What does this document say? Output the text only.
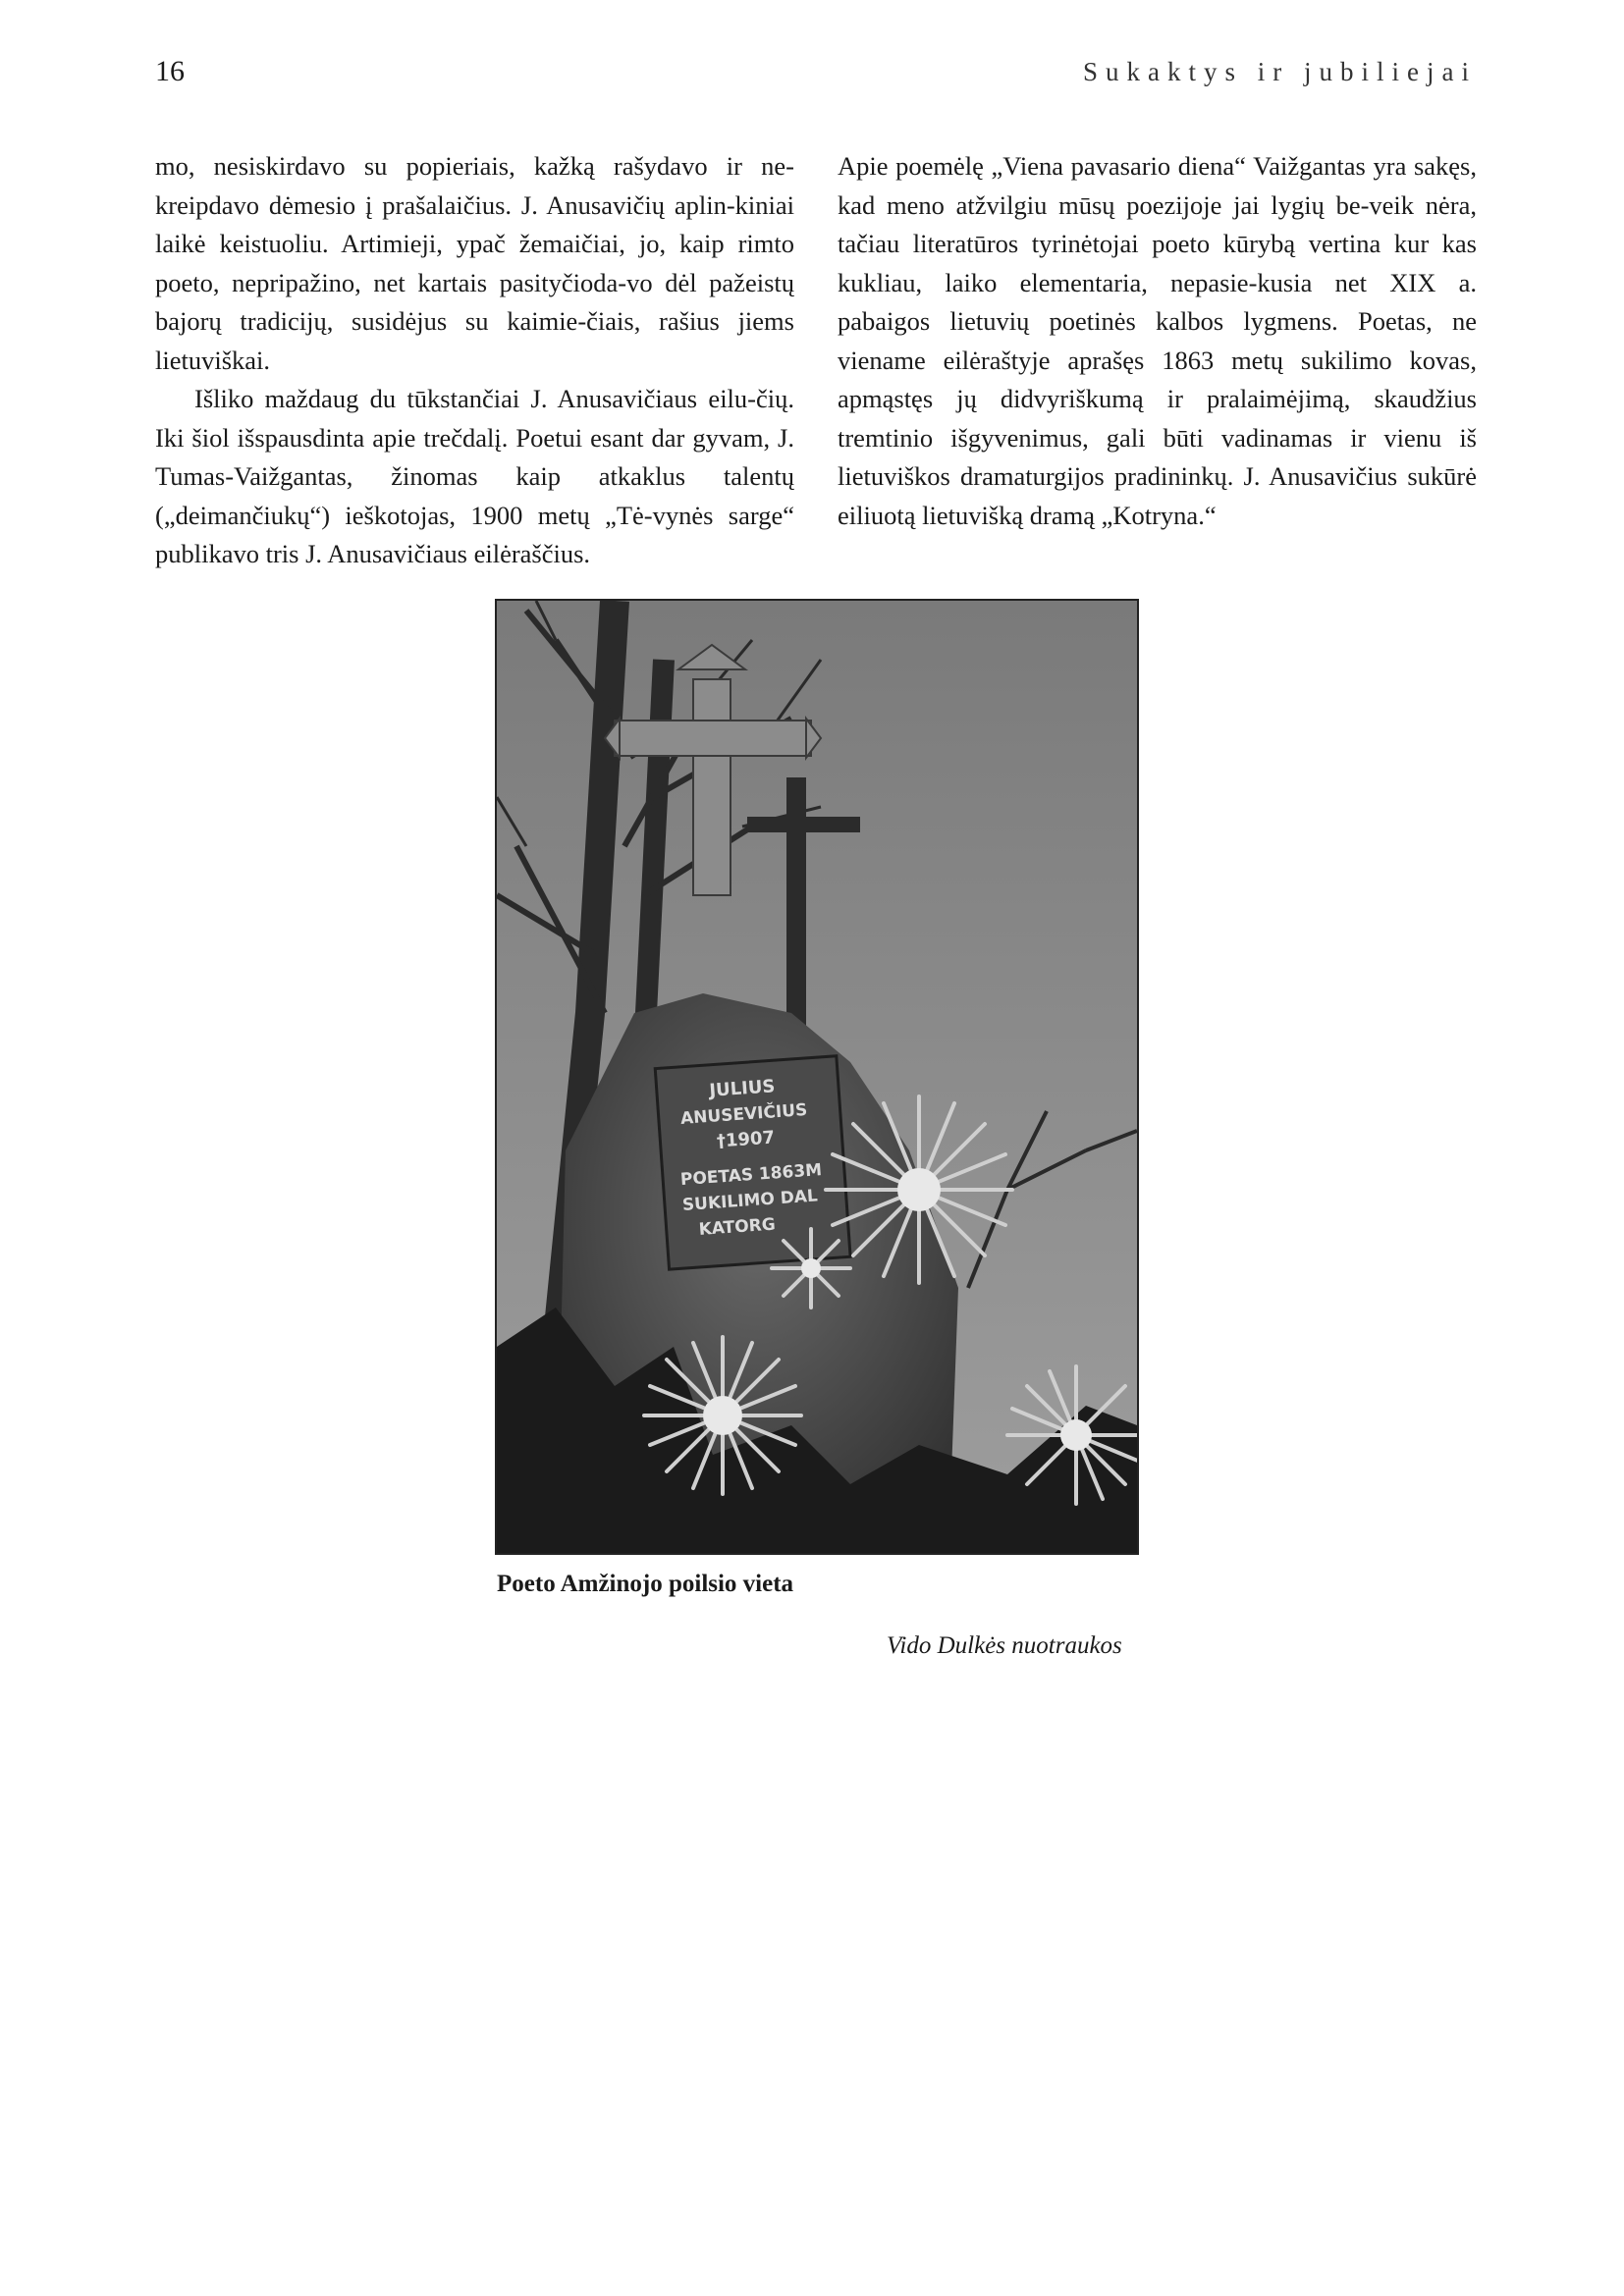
16	Sukaktys ir jubiliejai

mo, nesiskirdavo su popieriais, kažką rašydavo ir ne-kreipdavo dėmesio į prašalaičius. J. Anusavičių aplin-kiniai laikė keistuoliu. Artimieji, ypač žemaičiai, jo, kaip rimto poeto, nepripažino, net kartais pasityčioda-vo dėl pažeistų bajorų tradicijų, susidėjus su kaimie-čiais, rašius jiems lietuviškai.

Išliko maždaug du tūkstančiai J. Anusavičiaus eilu-čių. Iki šiol išspausdinta apie trečdalį. Poetui esant dar gyvam, J. Tumas-Vaižgantas, žinomas kaip atkaklus talentų („deimančiukų“) ieškotojas, 1900 metų „Tė-vynės sarge“ publikavo tris J. Anusavičiaus eilėraščius.

Apie poemėlę „Viena pavasario diena“ Vaižgantas yra sakęs, kad meno atžvilgiu mūsų poezijoje jai lygių be-veik nėra, tačiau literatūros tyrinėtojai poeto kūrybą vertina kur kas kukliau, laiko elementaria, nepasie-kusia net XIX a. pabaigos lietuvių poetinės kalbos lygmens. Poetas, ne viename eilėraštyje aprašęs 1863 metų sukilimo kovas, apmąstęs jų didvyriškumą ir pralaimėjimą, skaudžius tremtinio išgyvenimus, gali būti vadinamas ir vienu iš lietuviškos dramaturgijos pradininkų. J. Anusavičius sukūrė eiliuotą lietuvišką dramą „Kotryna.“

JULIUS
ANUSEVIČIUS
†1907
POETAS 1863M
SUKILIMO DAL
KATORG
Poeto Amžinojo poilsio vieta
Vido Dulkės nuotraukos
